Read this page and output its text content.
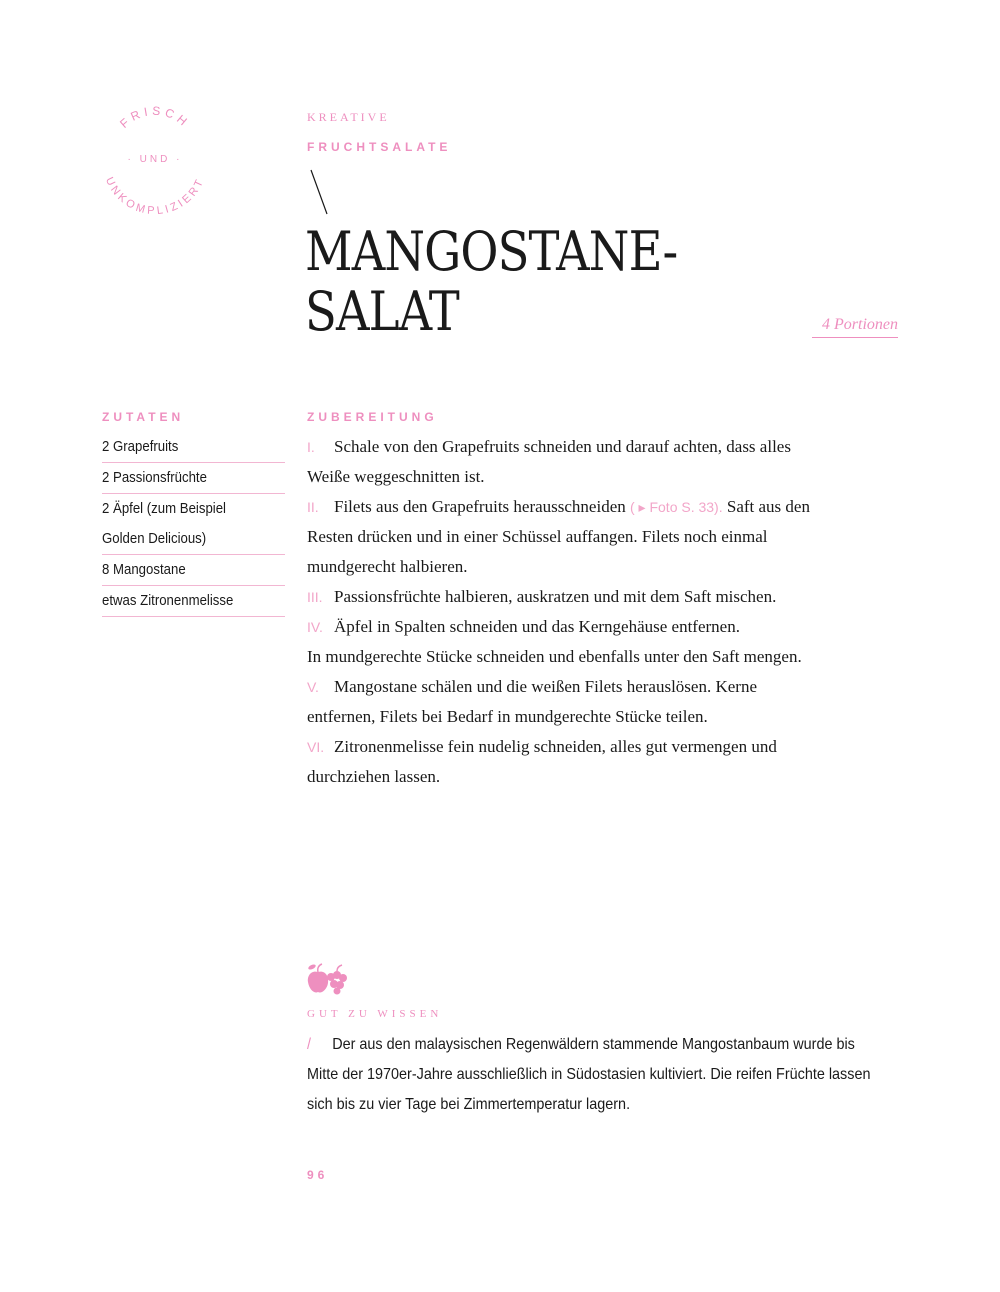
FRISCH
· UND ·
UNKOMPLIZIERT
KREATIVE
FRUCHTSALATE
MANGOSTANE-
SALAT	4 Portionen
ZUTATEN
2 Grapefruits
2 Passionsfrüchte
2 Äpfel (zum Beispiel
Golden Delicious)
8 Mangostane
etwas Zitronenmelisse
ZUBEREITUNG
I. Schale von den Grapefruits schneiden und darauf achten, dass alles
Weiße weggeschnitten ist.
II. Filets aus den Grapefruits herausschneiden ( ▸ Foto S. 33). Saft aus den
Resten drücken und in einer Schüssel auffangen. Filets noch einmal
mundgerecht halbieren.
III. Passionsfrüchte halbieren, auskratzen und mit dem Saft mischen.
IV. Äpfel in Spalten schneiden und das Kerngehäuse entfernen.
In mundgerechte Stücke schneiden und ebenfalls unter den Saft mengen.
V. Mangostane schälen und die weißen Filets herauslösen. Kerne
entfernen, Filets bei Bedarf in mundgerechte Stücke teilen.
VI. Zitronenmelisse fein nudelig schneiden, alles gut vermengen und
durchziehen lassen.
GUT ZU WISSEN
/ Der aus den malaysischen Regenwäldern stammende Mangostanbaum wurde bis
Mitte der 1970er-Jahre ausschließlich in Südostasien kultiviert. Die reifen Früchte lassen
sich bis zu vier Tage bei Zimmertemperatur lagern.
96
